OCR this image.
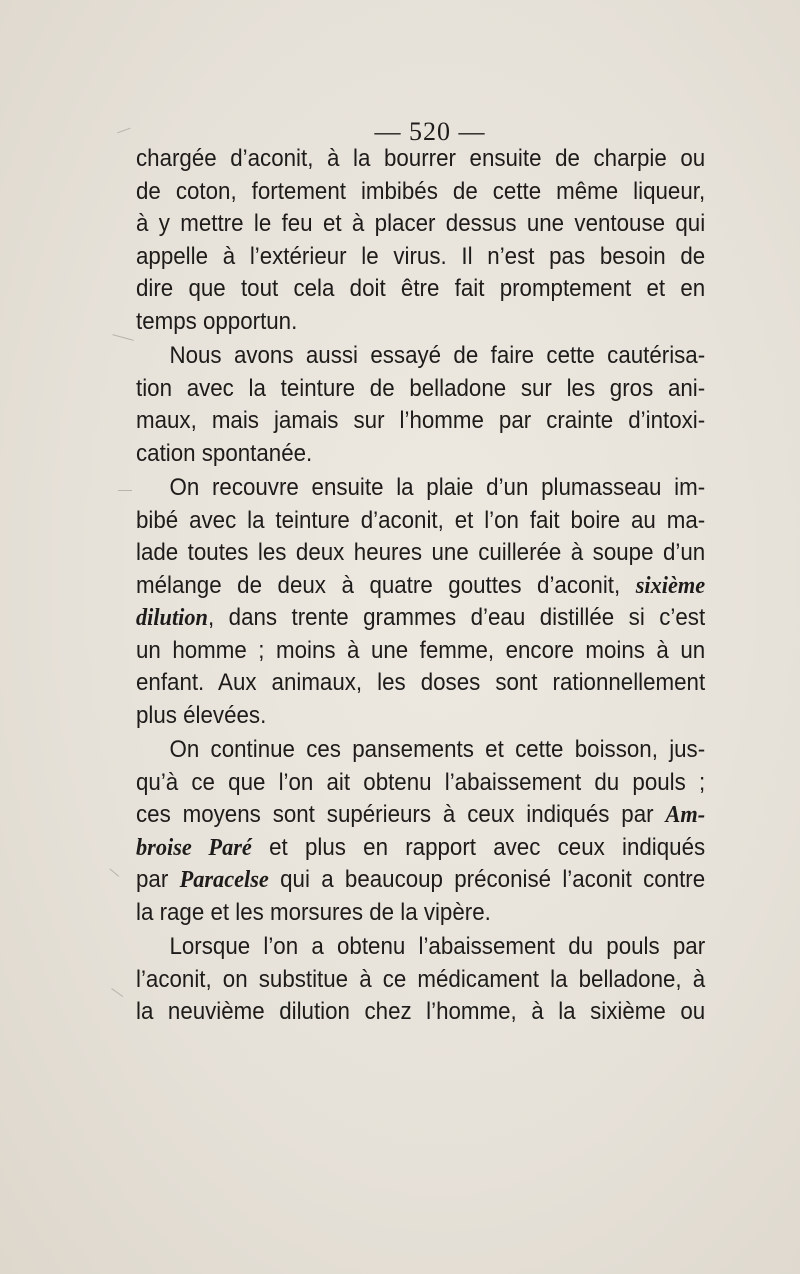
— 520 —
chargée d’aconit, à la bourrer ensuite de charpie ou
de coton, fortement imbibés de cette même liqueur,
à y mettre le feu et à placer dessus une ventouse qui
appelle à l’extérieur le virus. Il n’est pas besoin de
dire que tout cela doit être fait promptement et en
temps opportun.
Nous avons aussi essayé de faire cette cautérisa-
tion avec la teinture de belladone sur les gros ani-
maux, mais jamais sur l’homme par crainte d’intoxi-
cation spontanée.
On recouvre ensuite la plaie d’un plumasseau im-
bibé avec la teinture d’aconit, et l’on fait boire au ma-
lade toutes les deux heures une cuillerée à soupe d’un
mélange de deux à quatre gouttes d’aconit, sixième
dilution, dans trente grammes d’eau distillée si c’est
un homme ; moins à une femme, encore moins à un
enfant. Aux animaux, les doses sont rationnellement
plus élevées.
On continue ces pansements et cette boisson, jus-
qu’à ce que l’on ait obtenu l’abaissement du pouls ;
ces moyens sont supérieurs à ceux indiqués par Am-
broise Paré et plus en rapport avec ceux indiqués
par Paracelse qui a beaucoup préconisé l’aconit contre
la rage et les morsures de la vipère.
Lorsque l’on a obtenu l’abaissement du pouls par
l’aconit, on substitue à ce médicament la belladone, à
la neuvième dilution chez l’homme, à la sixième ou
